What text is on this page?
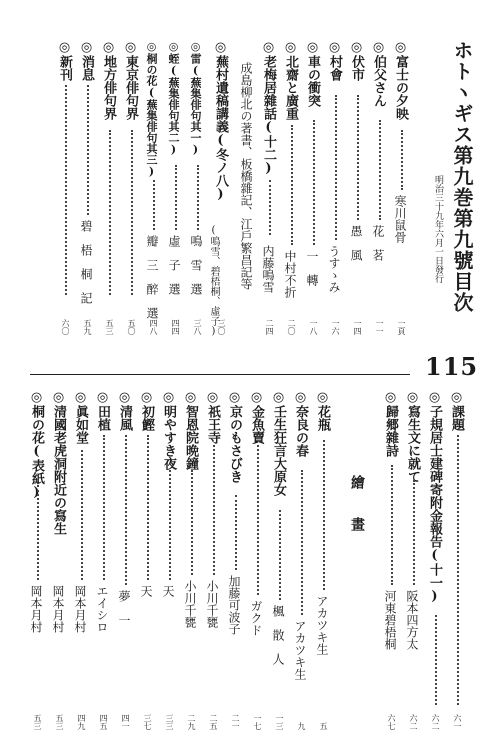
ホトヽギス第九巻第九號目次
明治三十九年六月一日發行
115
◎富士の夕映
寒川鼠骨
一頁
◎伯父さん
花　茗
一一
◎伏市
愚　風
一四
◎村會
うすゝみ
一六
◎車の衝突
一　轉
一八
◎北齋と廣重
中村不折
二〇
◎老梅居雜話(十二)
内藤鳴雪
二四
成島柳北の著書、板橋雜記、江戶繁昌記等
◎蕪村遺稿講義(冬ノ八)
(鳴雪、碧梧桐、虛子)
三〇
◎雷(蕪集俳句其一)
鳴　雪　選
三八
◎蛭(蕪集俳句其二)
虛　子　選
四四
◎桐の花(蕪集俳句其三)
瓣　三　醉　選
四八
◎東京俳句界
五〇
◎地方俳句界
五三
◎消息
碧　梧　桐　記
五九
◎新刊
六〇
◎課題
六一
◎子規居士建碑寄附金報告(十一)
六二
◎寫生文に就て
阪本四方太
六二
◎歸郷雜詩
河東碧梧桐
六七
繪　　畫
◎花瓶
アカツキ生
五
◎奈良の春
アカツキ生
九
◎壬生狂言大原女
楓　散　人
一三
◎金魚賣
ガクド
一七
◎京のもさびき
加藤可波子
二一
◎祇王寺
小川千甕
二五
◎智恩院晩鐘
小川千甕
二九
◎明やすき夜
天
三三
◎初鰹
天
三七
◎清風
夢　一
四一
◎田植
エイシロ
四五
◎眞如堂
岡本月村
四九
◎清國老虎洞附近の寫生
岡本月村
五三
◎桐の花(表紙)
岡本月村
五三
